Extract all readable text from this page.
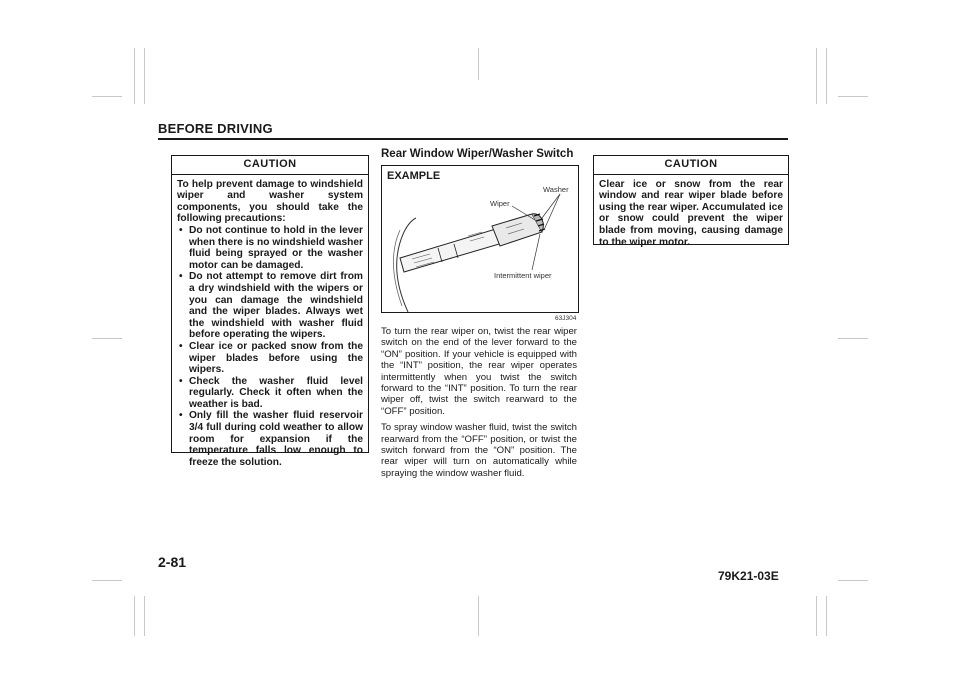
BEFORE DRIVING
CAUTION

To help prevent damage to windshield wiper and washer system components, you should take the following precautions:

• Do not continue to hold in the lever when there is no windshield washer fluid being sprayed or the washer motor can be damaged.
• Do not attempt to remove dirt from a dry windshield with the wipers or you can damage the windshield and the wiper blades. Always wet the windshield with washer fluid before operating the wipers.
• Clear ice or packed snow from the wiper blades before using the wipers.
• Check the washer fluid level regularly. Check it often when the weather is bad.
• Only fill the washer fluid reservoir 3/4 full during cold weather to allow room for expansion if the temperature falls low enough to freeze the solution.
Rear Window Wiper/Washer Switch
EXAMPLE
Washer
Wiper
Intermittent wiper
63J304

To turn the rear wiper on, twist the rear wiper switch on the end of the lever forward to the “ON” position. If your vehicle is equipped with the “INT” position, the rear wiper operates intermittently when you twist the switch forward to the “INT” position. To turn the rear wiper off, twist the switch rearward to the “OFF” position.

To spray window washer fluid, twist the switch rearward from the “OFF” position, or twist the switch forward from the “ON” position. The rear wiper will turn on automatically while spraying the window washer fluid.

CAUTION

Clear ice or snow from the rear window and rear wiper blade before using the rear wiper. Accumulated ice or snow could prevent the wiper blade from moving, causing damage to the wiper motor.

2-81
79K21-03E
